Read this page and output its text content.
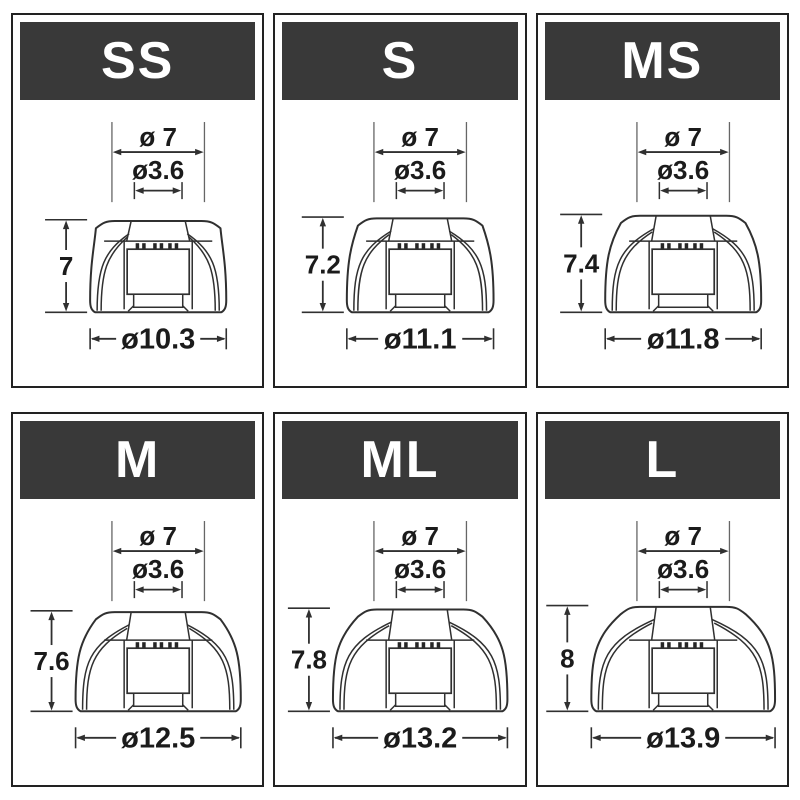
SS
ø 7
ø3.6
7
ø10.3
S
ø 7
ø3.6
7.2
ø11.1
MS
ø 7
ø3.6
7.4
ø11.8
M
ø 7
ø3.6
7.6
ø12.5
ML
ø 7
ø3.6
7.8
ø13.2
L
ø 7
ø3.6
8
ø13.9
